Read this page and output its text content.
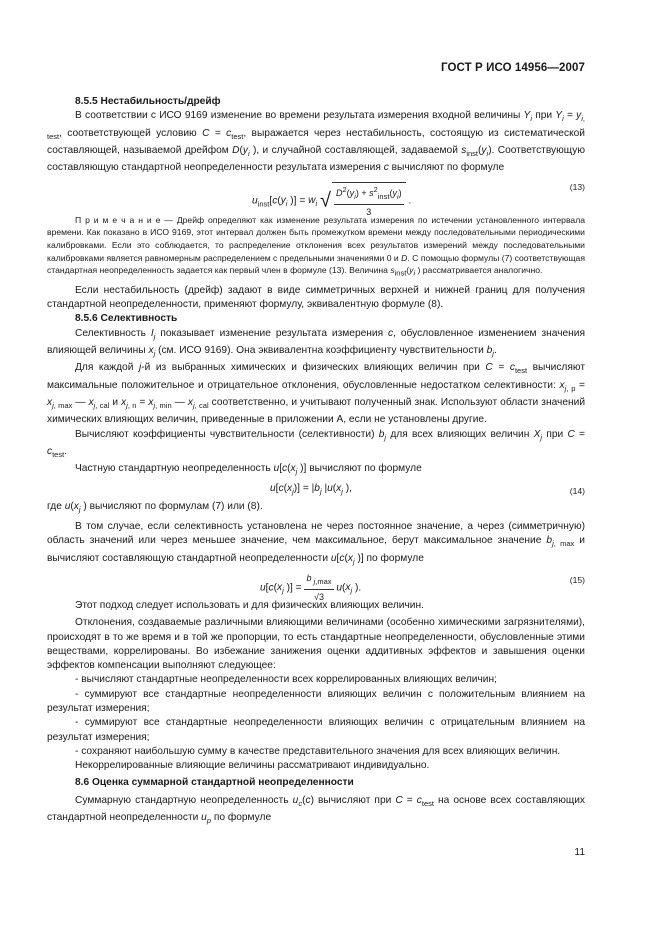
ГОСТ Р ИСО 14956—2007

8.5.5 Нестабильность/дрейф

В соответствии с ИСО 9169 изменение во времени результата измерения входной величины $Y_i$ при $Y_i = y_{i, test}$, соответствующей условию $C = c_{test}$, выражается через нестабильность, состоящую из систематической составляющей, называемой дрейфом $D(y_i$ ), и случайной составляющей, задаваемой $s_{inst}(y_i)$. Соответствующую составляющую стандартной неопределенности результата измерения c вычисляют по формуле

$u_{inst}[c(y_i$ )] = $w_i$ √ $\frac{D^2(y_i) + s^2_{inst}(y_i)}{3}$ .
(13)

П р и м е ч а н и е — Дрейф определяют как изменение результата измерения по истечении установленного интервала времени. Как показано в ИСО 9169, этот интервал должен быть промежутком времени между последовательными периодическими калибровками. Если это соблюдается, то распределение отклонения всех результатов измерений между последовательными калибровками является равномерным распределением с предельными значениями 0 и D. С помощью формулы (7) соответствующая стандартная неопределенность задается как первый член в формуле (13). Величина $s_{inst}(y_i$ ) рассматривается аналогично.

Если нестабильность (дрейф) задают в виде симметричных верхней и нижней границ для получения стандартной неопределенности, применяют формулу, эквивалентную формуле (8).

8.5.6 Селективность

Селективность $I_j$ показывает изменение результата измерения c, обусловленное изменением значения влияющей величины $x_j$ (см. ИСО 9169). Она эквивалентна коэффициенту чувствительности $b_j$.

Для каждой j-й из выбранных химических и физических влияющих величин при $C = c_{test}$ вычисляют максимальные положительное и отрицательное отклонения, обусловленные недостатком селективности: $x_{j, p} = x_{j, max}$ — $x_{j, cal}$ и $x_{j, n} = x_{j, min}$ — $x_{j, cal}$ соответственно, и учитывают полученный знак. Используют области значений химических влияющих величин, приведенные в приложении А, если не установлены другие.

Вычисляют коэффициенты чувствительности (селективности) $b_j$ для всех влияющих величин $X_j$ при $C = c_{test}$.

Частную стандартную неопределенность $u[c(x_j$ )] вычисляют по формуле

$u[c(x_j)] = |b_j$ $|u(x_j$ ),	(14)

где $u(x_j$ ) вычисляют по формулам (7) или (8).

В том случае, если селективность установлена не через постоянное значение, а через (симметричную) область значений или через меньшее значение, чем максимальное, берут максимальное значение $b_{j, max}$ и вычисляют составляющую стандартной неопределенности $u[c(x_j$ )] по формуле

$u[c(x_j$ )] = $\frac{b _{j,max}}{√3} u(x_j$ ).
(15)

Этот подход следует использовать и для физических влияющих величин.

Отклонения, создаваемые различными влияющими величинами (особенно химическими загрязнителями), происходят в то же время и в той же пропорции, то есть стандартные неопределенности, обусловленные этими веществами, коррелированы. Во избежание занижения оценки аддитивных эффектов и завышения оценки эффектов компенсации выполняют следующее:

- вычисляют стандартные неопределенности всех коррелированных влияющих величин;

- суммируют все стандартные неопределенности влияющих величин с положительным влиянием на результат измерения;

- суммируют все стандартные неопределенности влияющих величин с отрицательным влиянием на результат измерения;

- сохраняют наибольшую сумму в качестве представительного значения для всех влияющих величин.

Некоррелированные влияющие величины рассматривают индивидуально.

8.6 Оценка суммарной стандартной неопределенности

Суммарную стандартную неопределенность $u_c(c)$ вычисляют при $C = c_{test}$ на основе всех составляющих стандартной неопределенности $u_p$ по формуле

11
